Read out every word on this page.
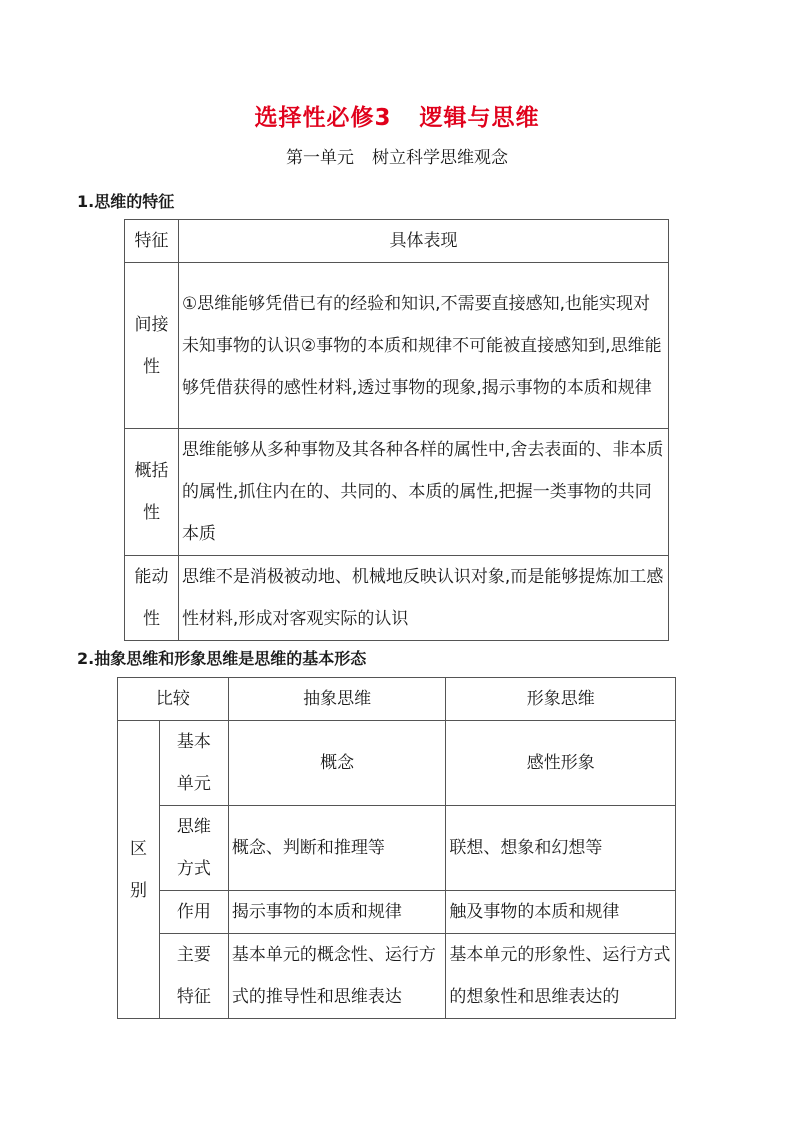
选择性必修3 逻辑与思维
第一单元 树立科学思维观念
1.思维的特征
特征	具体表现

间接
性	①思维能够凭借已有的经验和知识,不需要直接感知,也能实现对未知事物的认识②事物的本质和规律不可能被直接感知到,思维能够凭借获得的感性材料,透过事物的现象,揭示事物的本质和规律

概括
性	思维能够从多种事物及其各种各样的属性中,舍去表面的、非本质的属性,抓住内在的、共同的、本质的属性,把握一类事物的共同本质

能动
性	思维不是消极被动地、机械地反映认识对象,而是能够提炼加工感性材料,形成对客观实际的认识
2.抽象思维和形象思维是思维的基本形态
比较		抽象思维	形象思维

区
别	基本
单元	概念	感性形象

	思维
方式	概念、判断和推理等	联想、想象和幻想等
	作用	揭示事物的本质和规律	触及事物的本质和规律

	主要
特征	基本单元的概念性、运行方式的推导性和思维表达	基本单元的形象性、运行方式的想象性和思维表达的
